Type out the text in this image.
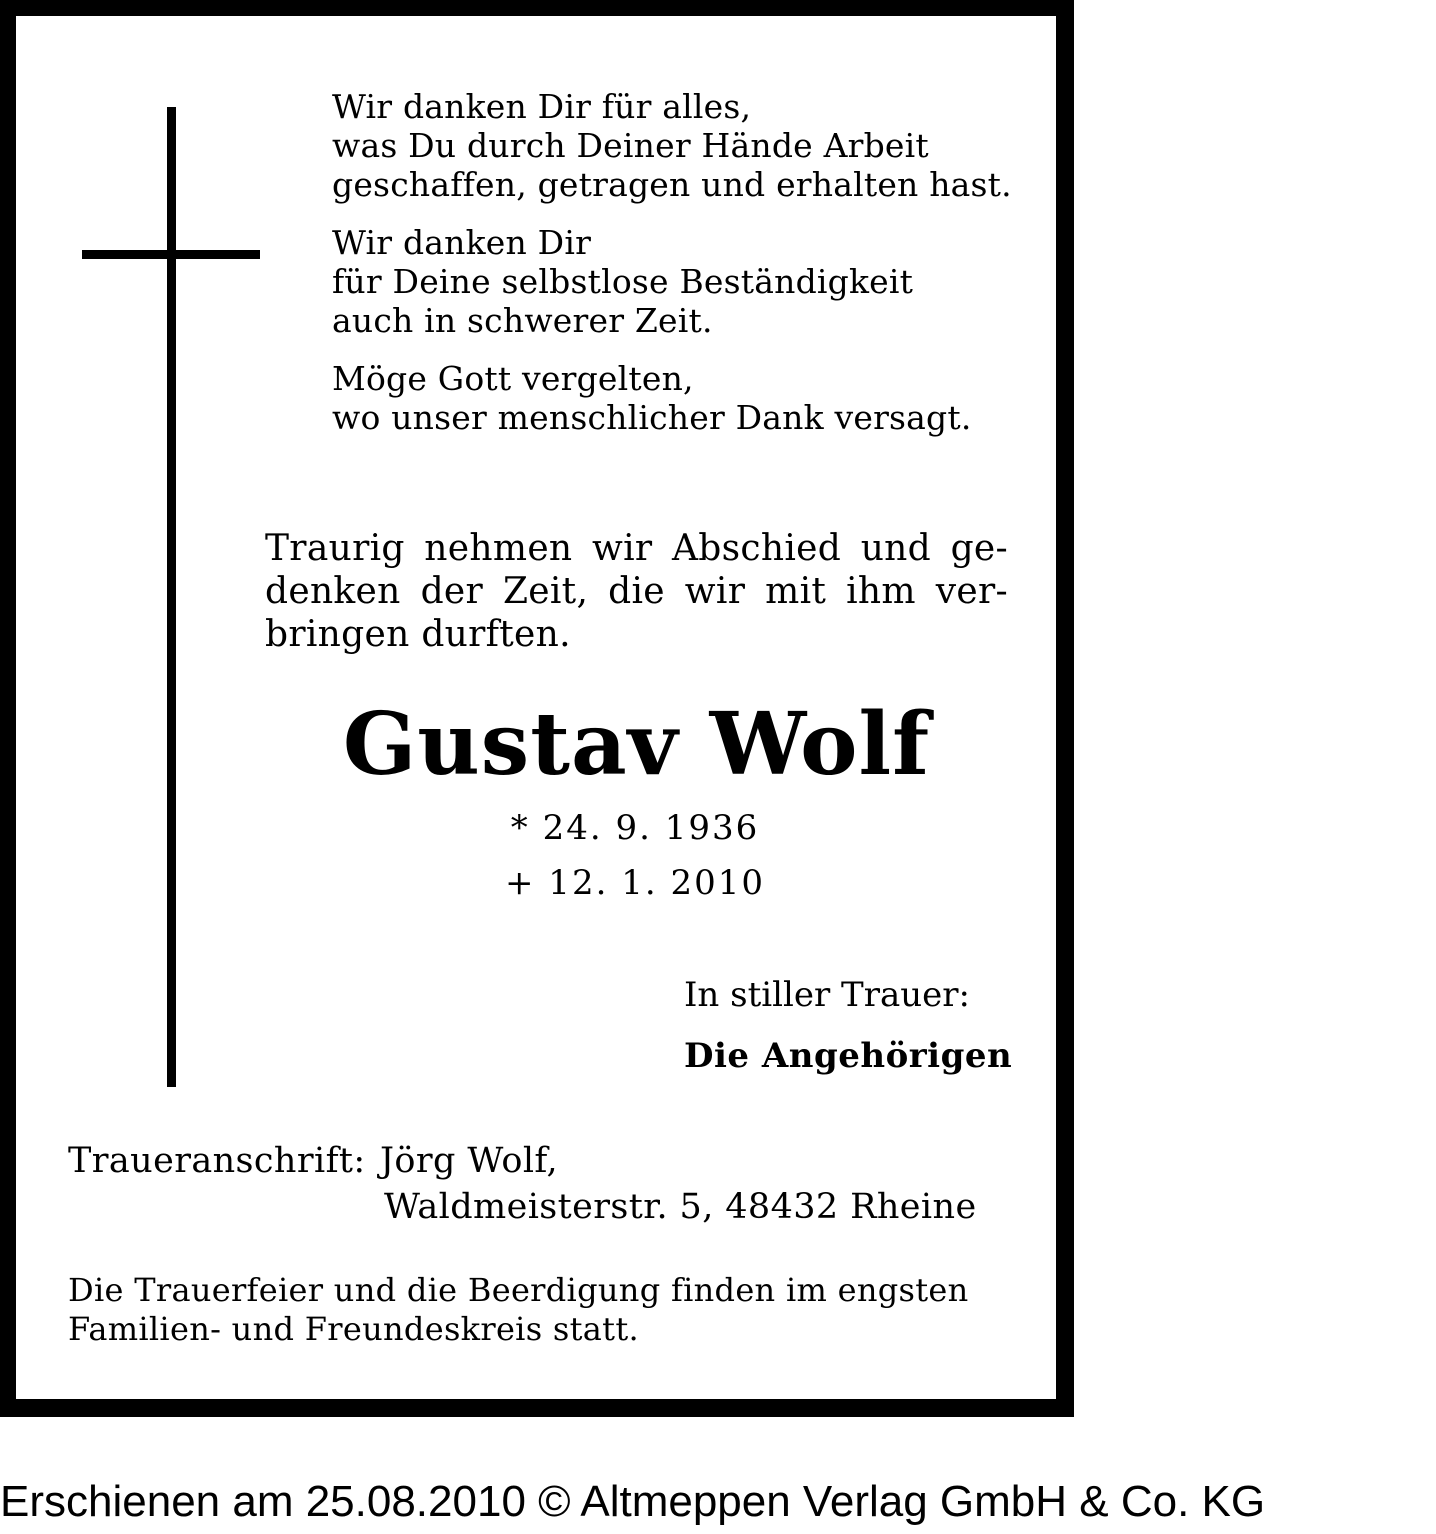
Wir danken Dir für alles,
was Du durch Deiner Hände Arbeit
geschaffen, getragen und erhalten hast.
Wir danken Dir
für Deine selbstlose Beständigkeit
auch in schwerer Zeit.
Möge Gott vergelten,
wo unser menschlicher Dank versagt.
Traurig nehmen wir Abschied und ge-
denken der Zeit, die wir mit ihm ver-
bringen durften.
Gustav Wolf
* 24. 9. 1936
+ 12. 1. 2010
In stiller Trauer:
Die Angehörigen
Traueranschrift: Jörg Wolf,
Waldmeisterstr. 5, 48432 Rheine
Die Trauerfeier und die Beerdigung finden im engsten
Familien- und Freundeskreis statt.
Erschienen am 25.08.2010 © Altmeppen Verlag GmbH & Co. KG
